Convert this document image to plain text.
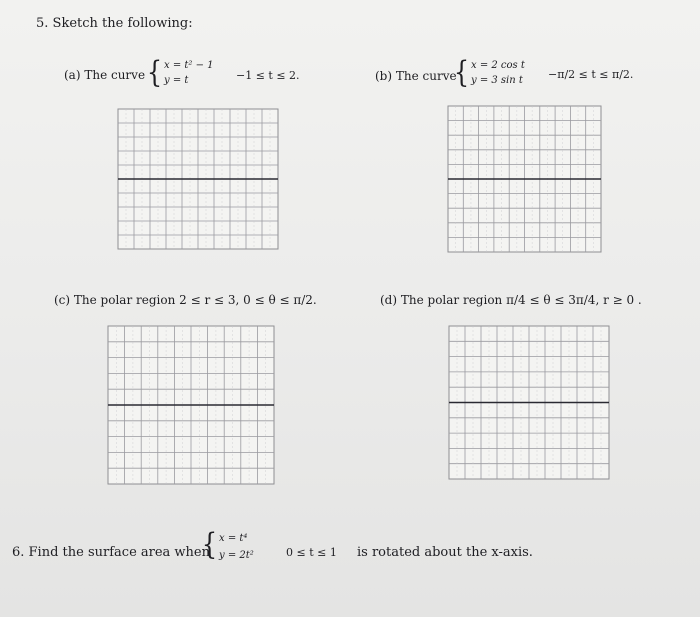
5. Sketch the following:
(a) The curve { x = t² − 1
y = t	−1 ≤ t ≤ 2.	(b) The curve
{ x = 2 cos t
y = 3 sin t −π/2 ≤ t ≤ π/2.
(c) The polar region 2 ≤ r ≤ 3, 0 ≤ θ ≤ π/2.	(d) The polar region π/4 ≤ θ ≤ 3π/4, r ≥ 0 .
6. Find the surface area when
{ x = t⁴
y = 2t²	0 ≤ t ≤ 1 is rotated about the x-axis.
